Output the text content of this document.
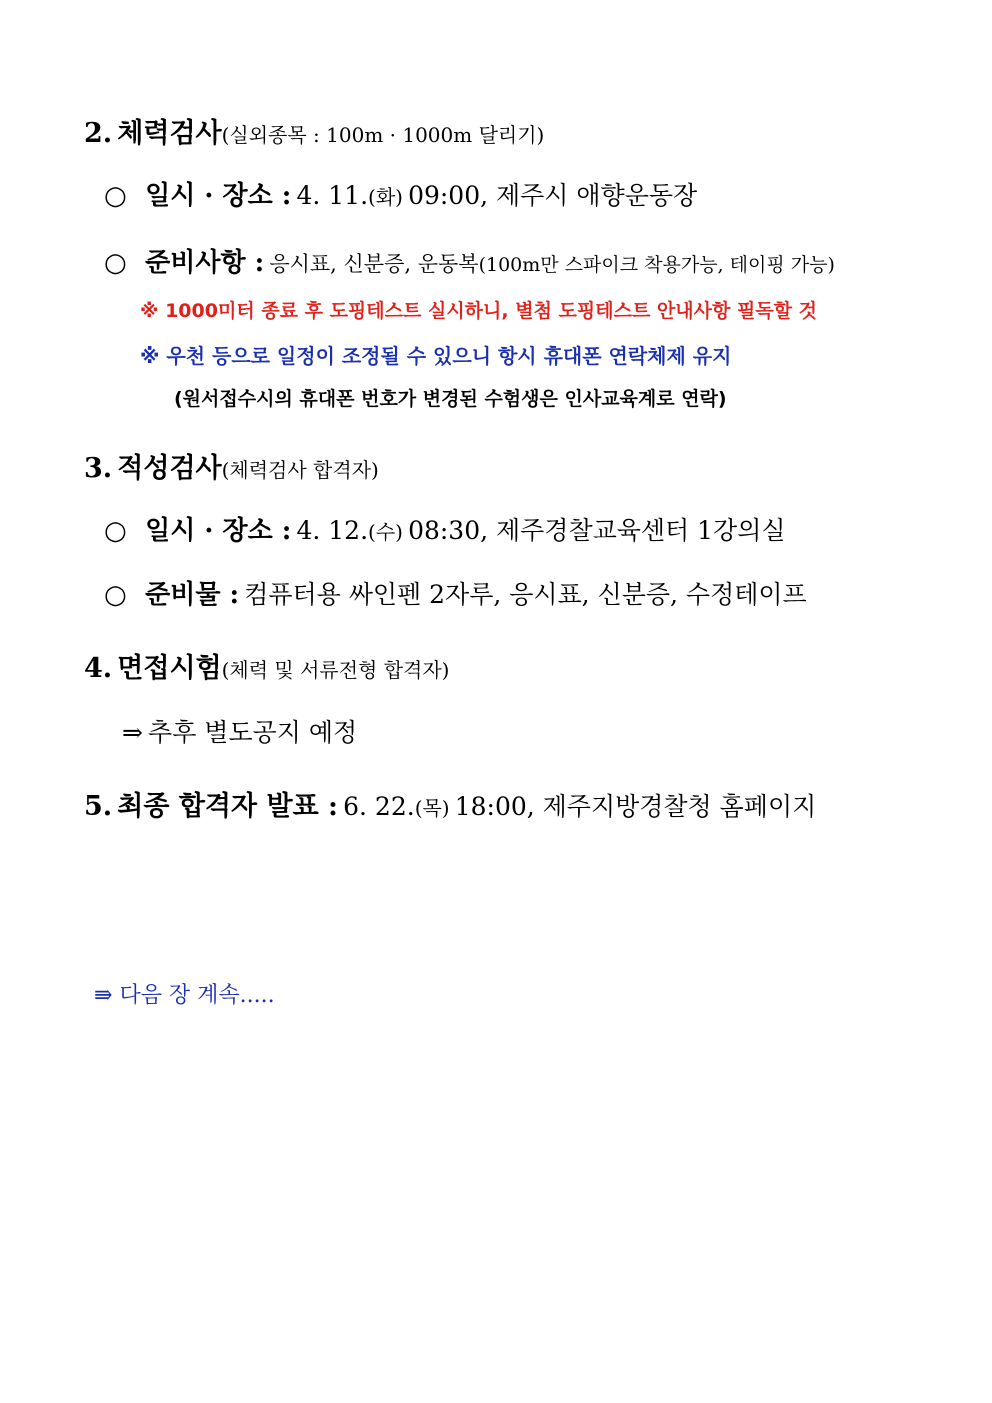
2. 체력검사(실외종목 : 100m · 1000m 달리기)
○ 일시 · 장소 : 4. 11.(화) 09:00, 제주시 애향운동장
○ 준비사항 : 응시표, 신분증, 운동복(100m만 스파이크 착용가능, 테이핑 가능)
※ 1000미터 종료 후 도핑테스트 실시하니, 별첨 도핑테스트 안내사항 필독할 것
※ 우천 등으로 일정이 조정될 수 있으니 항시 휴대폰 연락체제 유지
(원서접수시의 휴대폰 번호가 변경된 수험생은 인사교육계로 연락)
3. 적성검사(체력검사 합격자)
○ 일시 · 장소 : 4. 12.(수) 08:30, 제주경찰교육센터 1강의실
○ 준비물 : 컴퓨터용 싸인펜 2자루, 응시표, 신분증, 수정테이프
4. 면접시험(체력 및 서류전형 합격자)
⇒ 추후 별도공지 예정
5. 최종 합격자 발표 : 6. 22.(목) 18:00, 제주지방경찰청 홈페이지
⇛ 다음 장 계속.....
